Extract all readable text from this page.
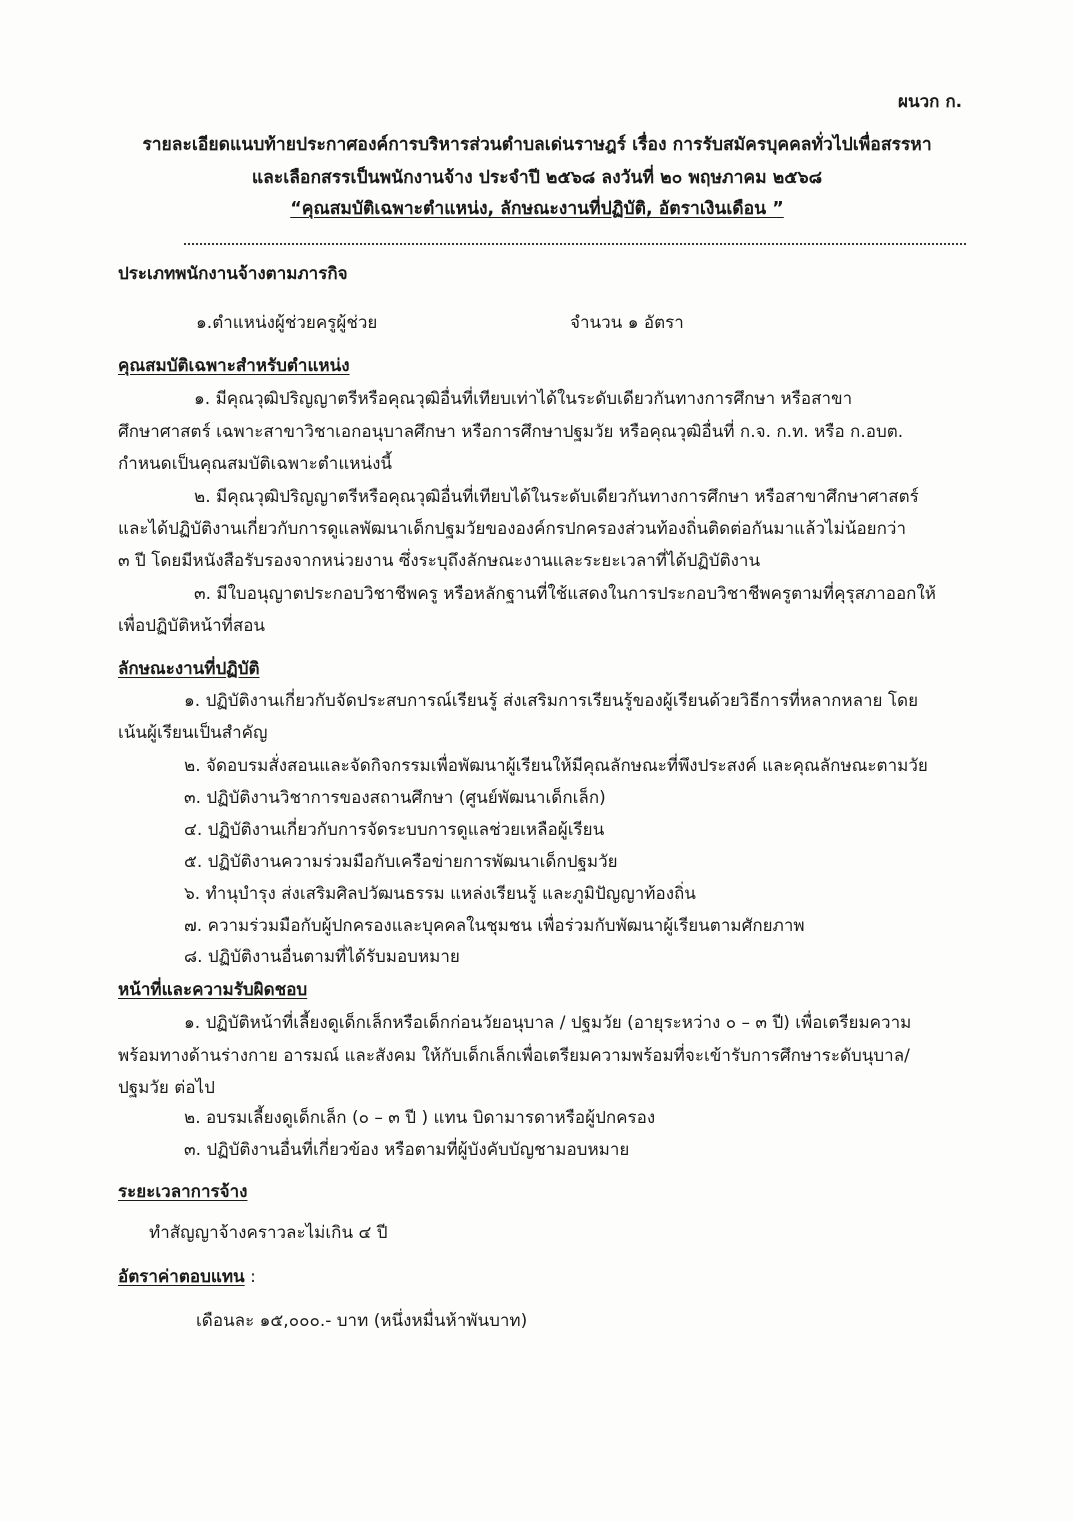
ผนวก ก.
รายละเอียดแนบท้ายประกาศองค์การบริหารส่วนตำบลเด่นราษฎร์ เรื่อง การรับสมัครบุคคลทั่วไปเพื่อสรรหา
และเลือกสรรเป็นพนักงานจ้าง ประจำปี ๒๕๖๘ ลงวันที่ ๒๐ พฤษภาคม ๒๕๖๘
“คุณสมบัติเฉพาะตำแหน่ง, ลักษณะงานที่ปฏิบัติ, อัตราเงินเดือน ”
ประเภทพนักงานจ้างตามภารกิจ
๑.ตำแหน่งผู้ช่วยครูผู้ช่วย	จำนวน ๑ อัตรา
คุณสมบัติเฉพาะสำหรับตำแหน่ง
๑. มีคุณวุฒิปริญญาตรีหรือคุณวุฒิอื่นที่เทียบเท่าได้ในระดับเดียวกันทางการศึกษา หรือสาขา
ศึกษาศาสตร์ เฉพาะสาขาวิชาเอกอนุบาลศึกษา หรือการศึกษาปฐมวัย หรือคุณวุฒิอื่นที่ ก.จ. ก.ท. หรือ ก.อบต.
กำหนดเป็นคุณสมบัติเฉพาะตำแหน่งนี้
๒. มีคุณวุฒิปริญญาตรีหรือคุณวุฒิอื่นที่เทียบได้ในระดับเดียวกันทางการศึกษา หรือสาขาศึกษาศาสตร์
และได้ปฏิบัติงานเกี่ยวกับการดูแลพัฒนาเด็กปฐมวัยขององค์กรปกครองส่วนท้องถิ่นติดต่อกันมาแล้วไม่น้อยกว่า
๓ ปี โดยมีหนังสือรับรองจากหน่วยงาน ซึ่งระบุถึงลักษณะงานและระยะเวลาที่ได้ปฏิบัติงาน
๓. มีใบอนุญาตประกอบวิชาชีพครู หรือหลักฐานที่ใช้แสดงในการประกอบวิชาชีพครูตามที่คุรุสภาออกให้
เพื่อปฏิบัติหน้าที่สอน
ลักษณะงานที่ปฏิบัติ
๑. ปฏิบัติงานเกี่ยวกับจัดประสบการณ์เรียนรู้ ส่งเสริมการเรียนรู้ของผู้เรียนด้วยวิธีการที่หลากหลาย โดย
เน้นผู้เรียนเป็นสำคัญ
๒. จัดอบรมสั่งสอนและจัดกิจกรรมเพื่อพัฒนาผู้เรียนให้มีคุณลักษณะที่พึงประสงค์ และคุณลักษณะตามวัย
๓. ปฏิบัติงานวิชาการของสถานศึกษา (ศูนย์พัฒนาเด็กเล็ก)
๔. ปฏิบัติงานเกี่ยวกับการจัดระบบการดูแลช่วยเหลือผู้เรียน
๕. ปฏิบัติงานความร่วมมือกับเครือข่ายการพัฒนาเด็กปฐมวัย
๖. ทำนุบำรุง ส่งเสริมศิลปวัฒนธรรม แหล่งเรียนรู้ และภูมิปัญญาท้องถิ่น
๗. ความร่วมมือกับผู้ปกครองและบุคคลในชุมชน เพื่อร่วมกับพัฒนาผู้เรียนตามศักยภาพ
๘. ปฏิบัติงานอื่นตามที่ได้รับมอบหมาย
หน้าที่และความรับผิดชอบ
๑. ปฏิบัติหน้าที่เลี้ยงดูเด็กเล็กหรือเด็กก่อนวัยอนุบาล / ปฐมวัย (อายุระหว่าง ๐ – ๓ ปี) เพื่อเตรียมความ
พร้อมทางด้านร่างกาย อารมณ์ และสังคม ให้กับเด็กเล็กเพื่อเตรียมความพร้อมที่จะเข้ารับการศึกษาระดับนุบาล/
ปฐมวัย ต่อไป
๒. อบรมเลี้ยงดูเด็กเล็ก (๐ – ๓ ปี ) แทน บิดามารดาหรือผู้ปกครอง
๓. ปฏิบัติงานอื่นที่เกี่ยวข้อง หรือตามที่ผู้บังคับบัญชามอบหมาย
ระยะเวลาการจ้าง
ทำสัญญาจ้างคราวละไม่เกิน ๔ ปี
อัตราค่าตอบแทน :
เดือนละ ๑๕,๐๐๐.- บาท (หนึ่งหมื่นห้าพันบาท)
